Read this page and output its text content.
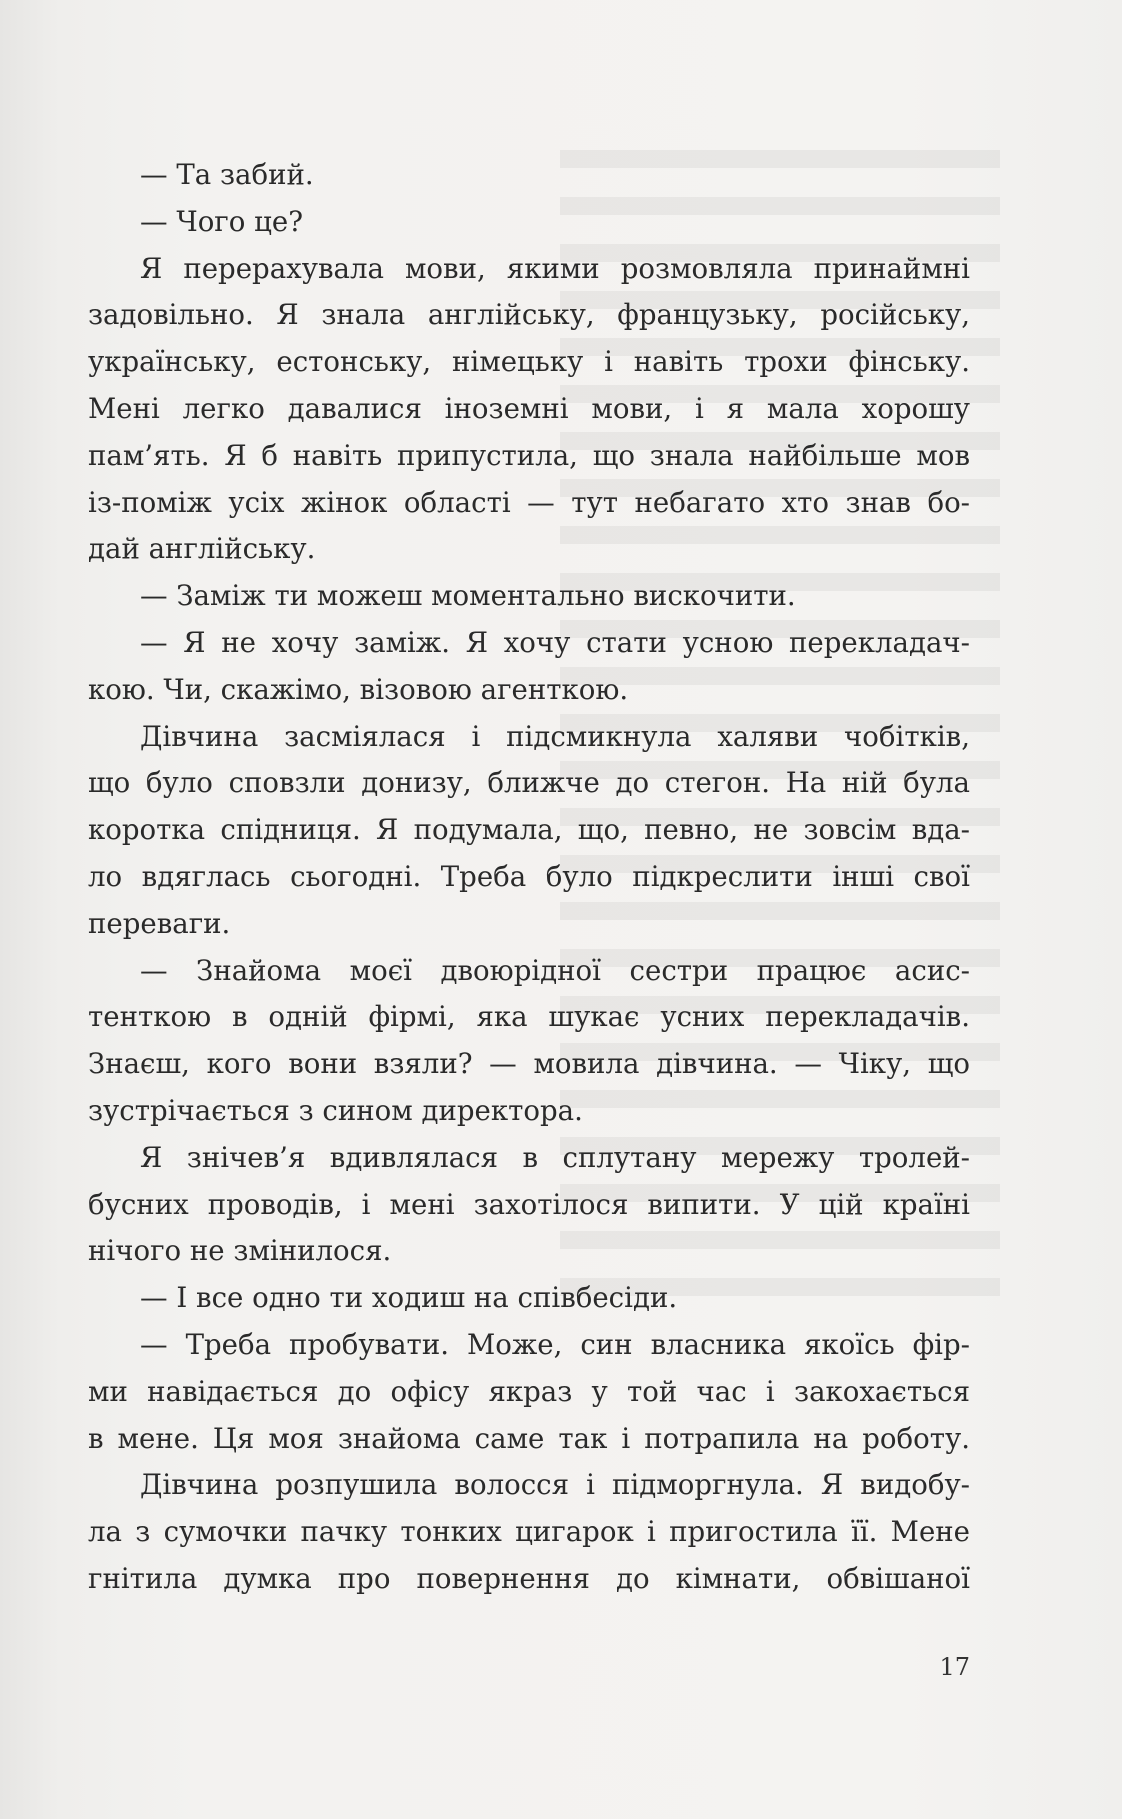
— Та забий.
— Чого це?
Я перерахувала мови, якими розмовляла принаймні
задовільно. Я знала англійську, французьку, російську,
українську, естонську, німецьку і навіть трохи фінську.
Мені легко давалися іноземні мови, і я мала хорошу
пам’ять. Я б навіть припустила, що знала найбільше мов
із-поміж усіх жінок області — тут небагато хто знав бо-
дай англійську.
— Заміж ти можеш моментально вискочити.
— Я не хочу заміж. Я хочу стати усною перекладач-
кою. Чи, скажімо, візовою агенткою.
Дівчина засміялася і підсмикнула халяви чобітків,
що було сповзли донизу, ближче до стегон. На ній була
коротка спідниця. Я подумала, що, певно, не зовсім вда-
ло вдяглась сьогодні. Треба було підкреслити інші свої
переваги.
— Знайома моєї двоюрідної сестри працює асис-
тенткою в одній фірмі, яка шукає усних перекладачів.
Знаєш, кого вони взяли? — мовила дівчина. — Чіку, що
зустрічається з сином директора.
Я знічев’я вдивлялася в сплутану мережу тролей-
бусних проводів, і мені захотілося випити. У цій країні
нічого не змінилося.
— І все одно ти ходиш на співбесіди.
— Треба пробувати. Може, син власника якоїсь фір-
ми навідається до офісу якраз у той час і закохається
в мене. Ця моя знайома саме так і потрапила на роботу.
Дівчина розпушила волосся і підморгнула. Я видобу-
ла з сумочки пачку тонких цигарок і пригостила її. Мене
гнітила думка про повернення до кімнати, обвішаної
17
